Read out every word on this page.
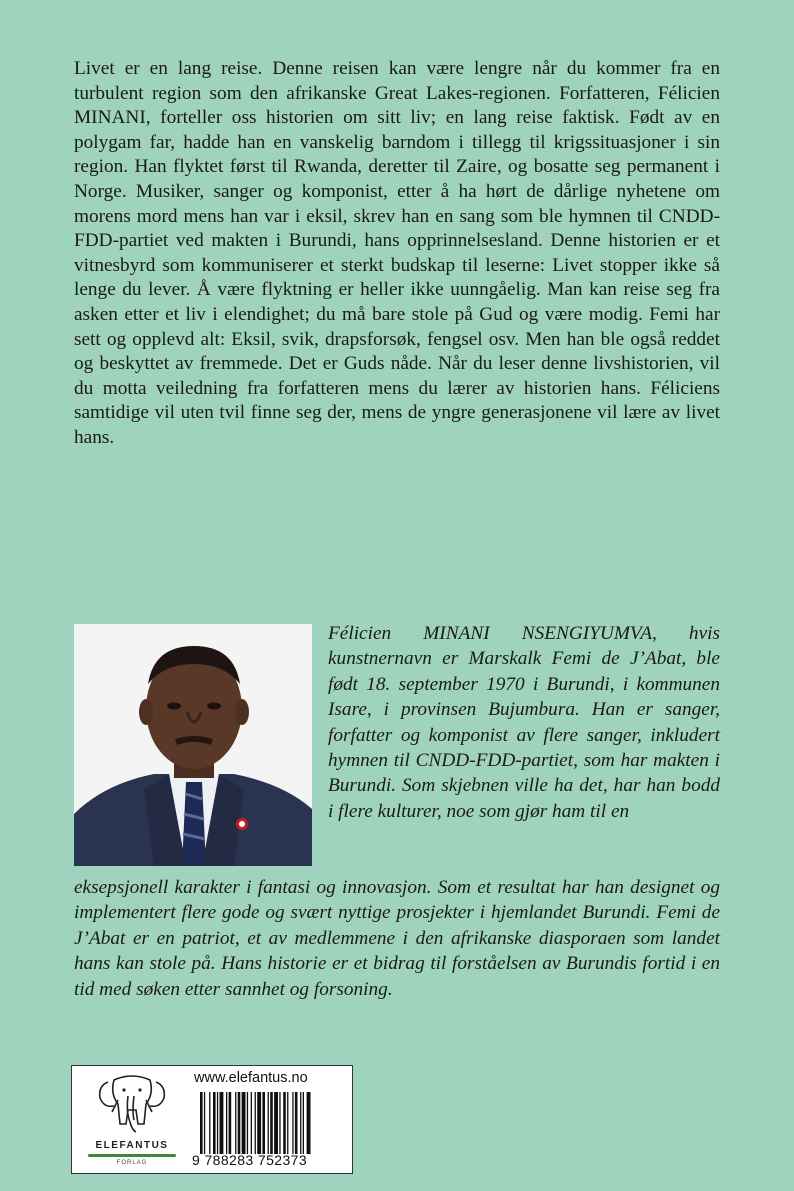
Livet er en lang reise. Denne reisen kan være lengre når du kommer fra en turbulent region som den afrikanske Great Lakes-regionen. Forfatteren, Félicien MINANI, forteller oss historien om sitt liv; en lang reise faktisk. Født av en polygam far, hadde han en vanskelig barndom i tillegg til krigssituasjoner i sin region. Han flyktet først til Rwanda, deretter til Zaire, og bosatte seg permanent i Norge. Musiker, sanger og komponist, etter å ha hørt de dårlige nyhetene om morens mord mens han var i eksil, skrev han en sang som ble hymnen til CNDD-FDD-partiet ved makten i Burundi, hans opprinnelsesland. Denne historien er et vitnesbyrd som kommuniserer et sterkt budskap til leserne: Livet stopper ikke så lenge du lever. Å være flyktning er heller ikke uunngåelig. Man kan reise seg fra asken etter et liv i elendighet; du må bare stole på Gud og være modig. Femi har sett og opplevd alt: Eksil, svik, drapsforsøk, fengsel osv. Men han ble også reddet og beskyttet av fremmede. Det er Guds nåde. Når du leser denne livshistorien, vil du motta veiledning fra forfatteren mens du lærer av historien hans. Féliciens samtidige vil uten tvil finne seg der, mens de yngre generasjonene vil lære av livet hans.

Félicien MINANI NSENGIYUMVA, hvis kunstnernavn er Marskalk Femi de J’Abat, ble født 18. september 1970 i Burundi, i kommunen Isare, i provinsen Bujumbura. Han er sanger, forfatter og komponist av flere sanger, inkludert hymnen til CNDD-FDD-partiet, som har makten i Burundi. Som skjebnen ville ha det, har han bodd i flere kulturer, noe som gjør ham til en

eksepsjonell karakter i fantasi og innovasjon. Som et resultat har han designet og implementert flere gode og svært nyttige prosjekter i hjemlandet Burundi. Femi de J’Abat er en patriot, et av medlemmene i den afrikanske diasporaen som landet hans kan stole på. Hans historie er et bidrag til forståelsen av Burundis fortid i en tid med søken etter sannhet og forsoning.

ELEFANTUS
FORLAG
www.elefantus.no
9 788283 752373
